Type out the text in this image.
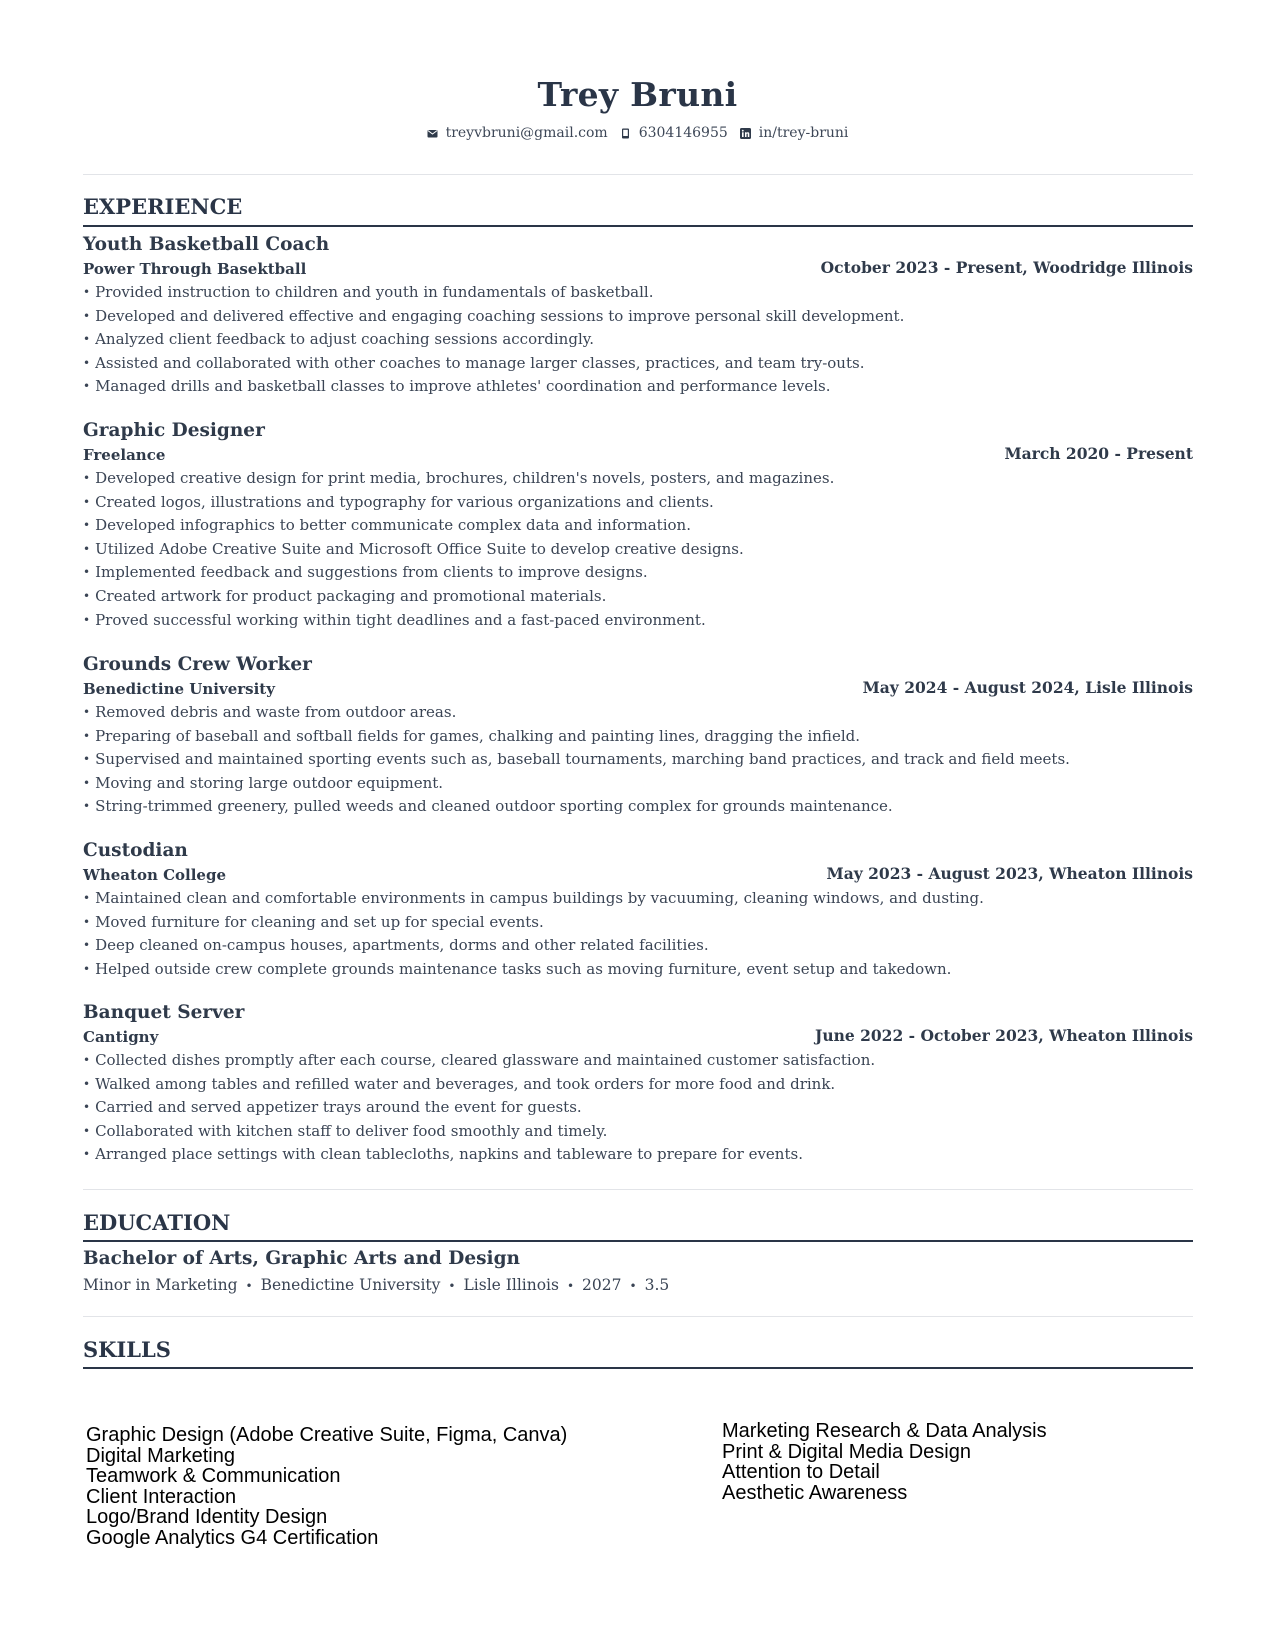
Trey Bruni
treyvbruni@gmail.com 6304146955 in/trey-bruni
EXPERIENCE
Youth Basketball Coach
Power Through Basektball	October 2023 - Present, Woodridge Illinois
• Provided instruction to children and youth in fundamentals of basketball.
• Developed and delivered effective and engaging coaching sessions to improve personal skill development.
• Analyzed client feedback to adjust coaching sessions accordingly.
• Assisted and collaborated with other coaches to manage larger classes, practices, and team try-outs.
• Managed drills and basketball classes to improve athletes' coordination and performance levels.
Graphic Designer
Freelance	March 2020 - Present
• Developed creative design for print media, brochures, children's novels, posters, and magazines.
• Created logos, illustrations and typography for various organizations and clients.
• Developed infographics to better communicate complex data and information.
• Utilized Adobe Creative Suite and Microsoft Office Suite to develop creative designs.
• Implemented feedback and suggestions from clients to improve designs.
• Created artwork for product packaging and promotional materials.
• Proved successful working within tight deadlines and a fast-paced environment.
Grounds Crew Worker
Benedictine University	May 2024 - August 2024, Lisle Illinois
• Removed debris and waste from outdoor areas.
• Preparing of baseball and softball fields for games, chalking and painting lines, dragging the infield.
• Supervised and maintained sporting events such as, baseball tournaments, marching band practices, and track and field meets.
• Moving and storing large outdoor equipment.
• String-trimmed greenery, pulled weeds and cleaned outdoor sporting complex for grounds maintenance.
Custodian
Wheaton College	May 2023 - August 2023, Wheaton Illinois
• Maintained clean and comfortable environments in campus buildings by vacuuming, cleaning windows, and dusting.
• Moved furniture for cleaning and set up for special events.
• Deep cleaned on-campus houses, apartments, dorms and other related facilities.
• Helped outside crew complete grounds maintenance tasks such as moving furniture, event setup and takedown.
Banquet Server
Cantigny	June 2022 - October 2023, Wheaton Illinois
• Collected dishes promptly after each course, cleared glassware and maintained customer satisfaction.
• Walked among tables and refilled water and beverages, and took orders for more food and drink.
• Carried and served appetizer trays around the event for guests.
• Collaborated with kitchen staff to deliver food smoothly and timely.
• Arranged place settings with clean tablecloths, napkins and tableware to prepare for events.
EDUCATION
Bachelor of Arts, Graphic Arts and Design
Minor in Marketing • Benedictine University • Lisle Illinois • 2027 • 3.5
SKILLS
Graphic Design (Adobe Creative Suite, Figma, Canva)
Digital Marketing
Teamwork & Communication
Client Interaction
Logo/Brand Identity Design
Google Analytics G4 Certification
Marketing Research & Data Analysis
Print & Digital Media Design
Attention to Detail
Aesthetic Awareness
